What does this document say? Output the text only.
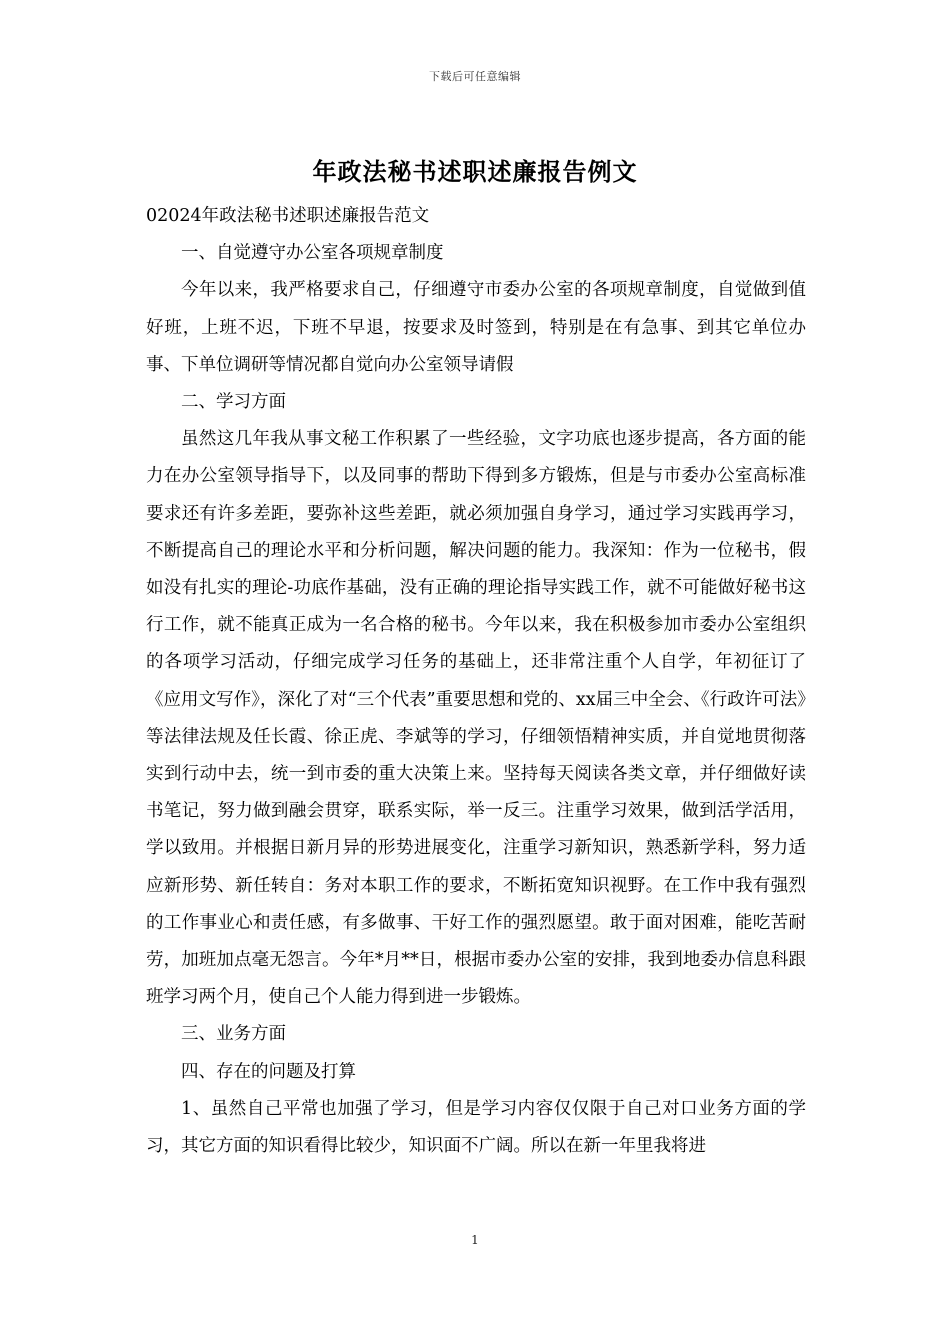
下载后可任意编辑
年政法秘书述职述廉报告例文

02024年政法秘书述职述廉报告范文

一、自觉遵守办公室各项规章制度

今年以来，我严格要求自己，仔细遵守市委办公室的各项规章制度，自觉做到值好班，上班不迟，下班不早退，按要求及时签到，特别是在有急事、到其它单位办事、下单位调研等情况都自觉向办公室领导请假

二、学习方面

虽然这几年我从事文秘工作积累了一些经验，文字功底也逐步提高，各方面的能力在办公室领导指导下，以及同事的帮助下得到多方锻炼，但是与市委办公室高标准要求还有许多差距，要弥补这些差距，就必须加强自身学习，通过学习实践再学习，不断提高自己的理论水平和分析问题，解决问题的能力。我深知：作为一位秘书，假如没有扎实的理论-功底作基础，没有正确的理论指导实践工作，就不可能做好秘书这行工作，就不能真正成为一名合格的秘书。今年以来，我在积极参加市委办公室组织的各项学习活动，仔细完成学习任务的基础上，还非常注重个人自学，年初征订了《应用文写作》，深化了对“三个代表”重要思想和党的、xx届三中全会、《行政许可法》等法律法规及任长霞、徐正虎、李斌等的学习，仔细领悟精神实质，并自觉地贯彻落实到行动中去，统一到市委的重大决策上来。坚持每天阅读各类文章，并仔细做好读书笔记，努力做到融会贯穿，联系实际，举一反三。注重学习效果，做到活学活用，学以致用。并根据日新月异的形势进展变化，注重学习新知识，熟悉新学科，努力适应新形势、新任转自：务对本职工作的要求，不断拓宽知识视野。在工作中我有强烈的工作事业心和责任感，有多做事、干好工作的强烈愿望。敢于面对困难，能吃苦耐劳，加班加点毫无怨言。今年*月**日，根据市委办公室的安排，我到地委办信息科跟班学习两个月，使自己个人能力得到进一步锻炼。

三、业务方面

四、存在的问题及打算

1、虽然自己平常也加强了学习，但是学习内容仅仅限于自己对口业务方面的学习，其它方面的知识看得比较少，知识面不广阔。所以在新一年里我将进

1
